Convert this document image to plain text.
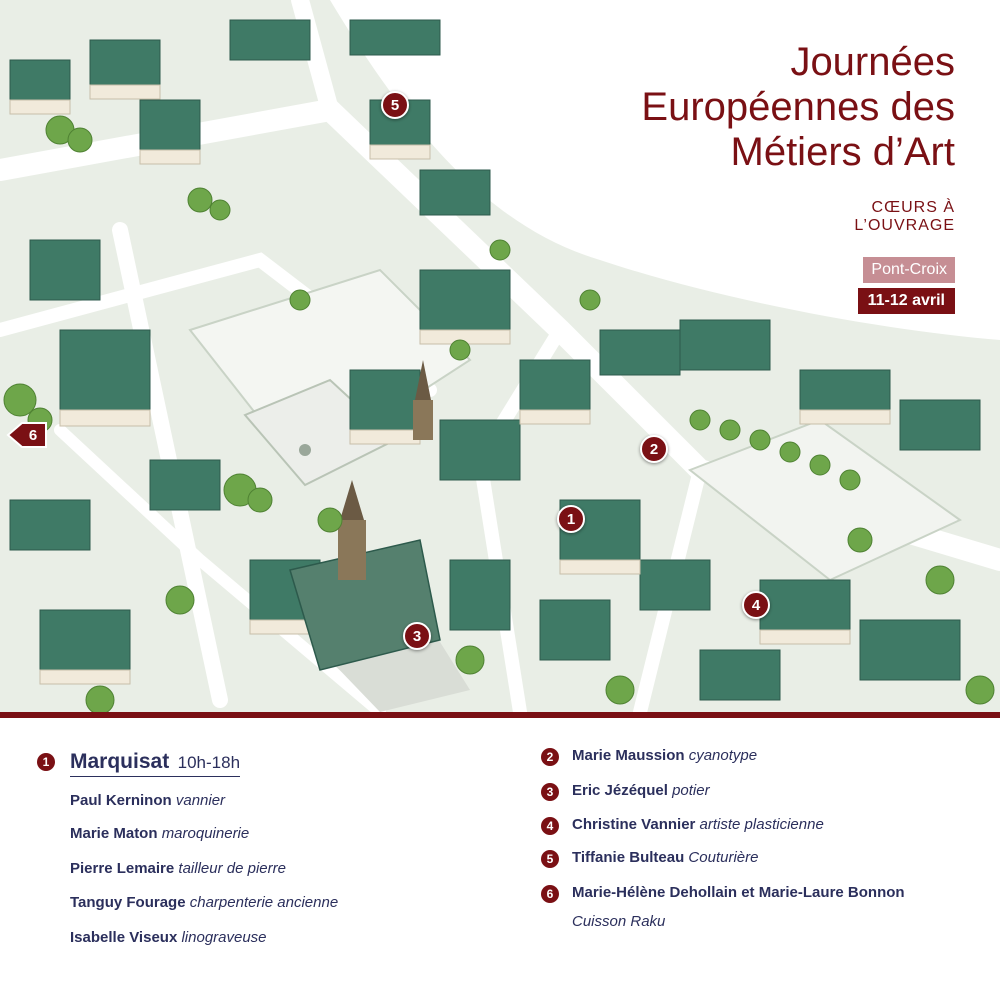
1
2
3
4
5
6
Journées
Européennes des
Métiers d’Art
CŒURS À
L’OUVRAGE
Pont-Croix
11-12 avril
1 Marquisat 10h-18h
Paul Kerninon vannier
Marie Maton maroquinerie
Pierre Lemaire tailleur de pierre
Tanguy Fourage charpenterie ancienne
Isabelle Viseux linograveuse
2	Marie Maussion cyanotype
3	Eric Jézéquel potier
4	Christine Vannier artiste plasticienne
5	Tiffanie Bulteau Couturière
6	Marie-Hélène Dehollain et Marie-Laure Bonnon
Cuisson Raku
